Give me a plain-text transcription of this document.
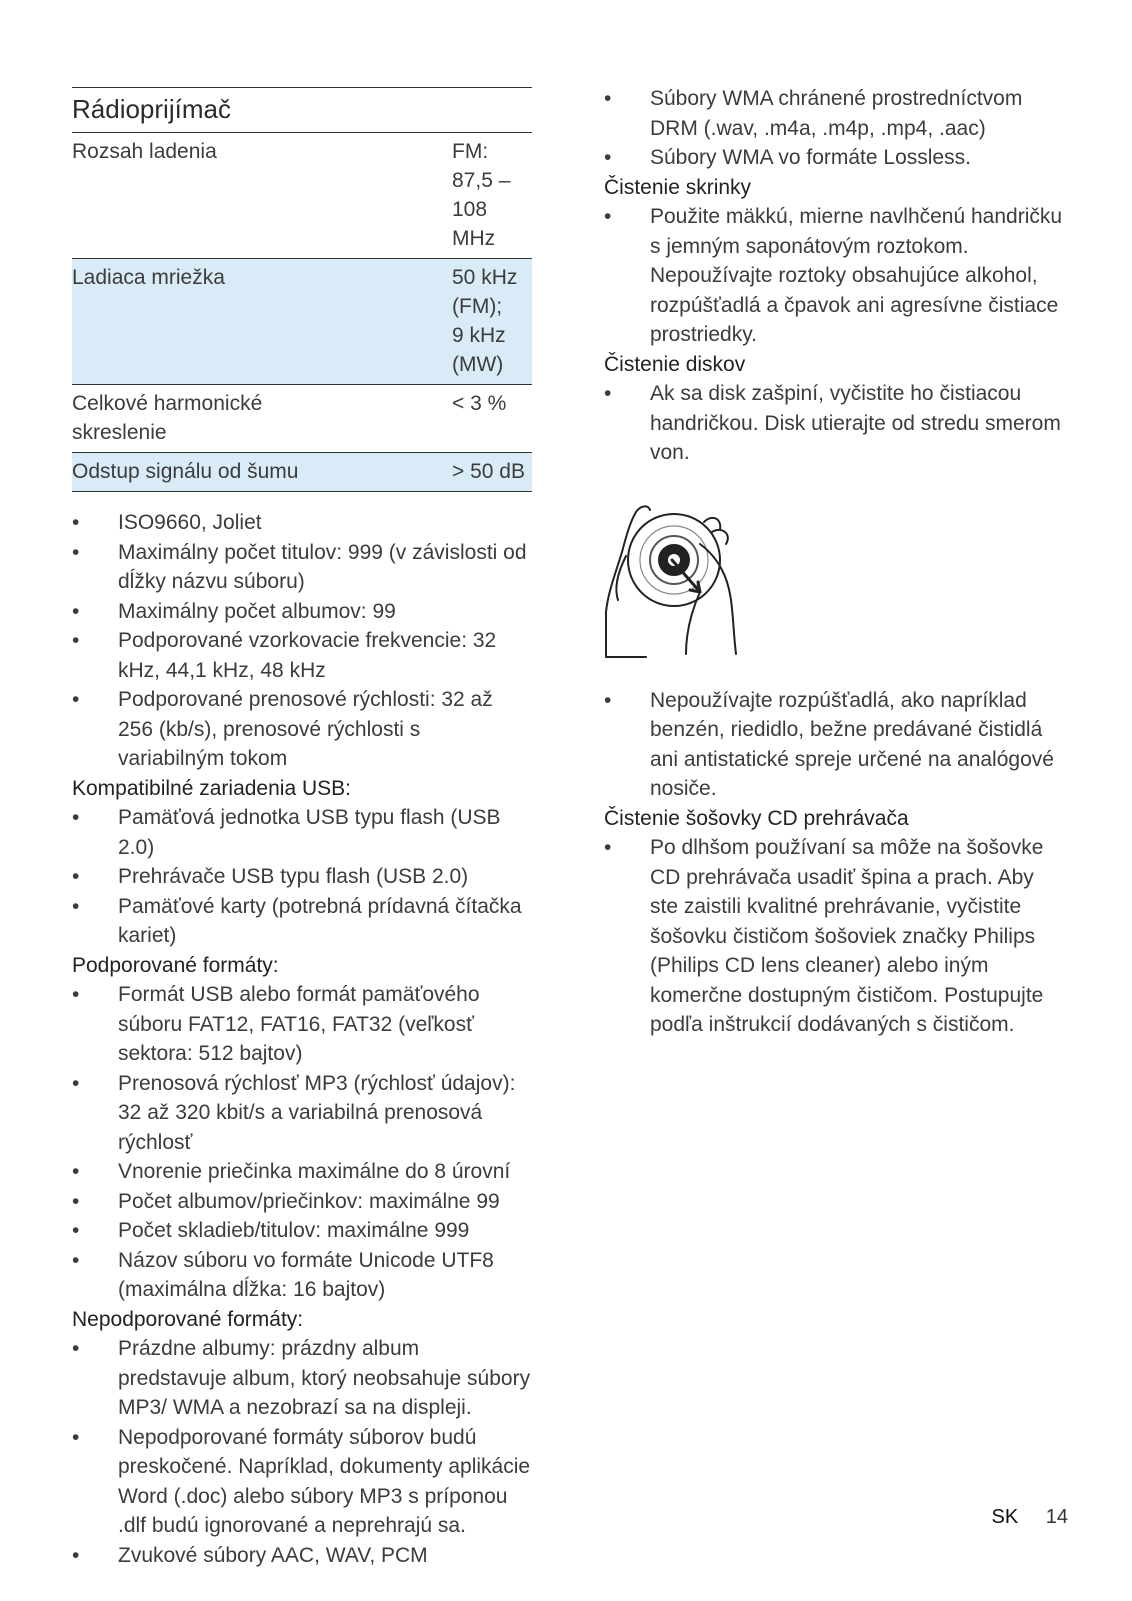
Rádioprijímač
Rozsah ladenia	FM: 87,5 –
108 MHz
Ladiaca mriežka	50 kHz (FM);
9 kHz (MW)
Celkové harmonické skreslenie	< 3 %
Odstup signálu od šumu	> 50 dB
•	ISO9660, Joliet
•	Maximálny počet titulov: 999 (v závislosti od dĺžky názvu súboru)
•	Maximálny počet albumov: 99
•	Podporované vzorkovacie frekvencie: 32 kHz, 44,1 kHz, 48 kHz
•	Podporované prenosové rýchlosti: 32 až 256 (kb/s), prenosové rýchlosti s variabilným tokom
Kompatibilné zariadenia USB:
•	Pamäťová jednotka USB typu flash (USB 2.0)
•	Prehrávače USB typu flash (USB 2.0)
•	Pamäťové karty (potrebná prídavná čítačka kariet)
Podporované formáty:
•	Formát USB alebo formát pamäťového súboru FAT12, FAT16, FAT32 (veľkosť sektora: 512 bajtov)
•	Prenosová rýchlosť MP3 (rýchlosť údajov): 32 až 320 kbit/s a variabilná prenosová rýchlosť
•	Vnorenie priečinka maximálne do 8 úrovní
•	Počet albumov/priečinkov: maximálne 99
•	Počet skladieb/titulov: maximálne 999
•	Názov súboru vo formáte Unicode UTF8 (maximálna dĺžka: 16 bajtov)
Nepodporované formáty:
•	Prázdne albumy: prázdny album predstavuje album, ktorý neobsahuje súbory MP3/ WMA a nezobrazí sa na displeji.
•	Nepodporované formáty súborov budú preskočené. Napríklad, dokumenty aplikácie Word (.doc) alebo súbory MP3 s príponou .dlf budú ignorované a neprehrajú sa.
•	Zvukové súbory AAC, WAV, PCM
•	Súbory WMA chránené prostredníctvom DRM (.wav, .m4a, .m4p, .mp4, .aac)
•	Súbory WMA vo formáte Lossless.
Čistenie skrinky
•	Použite mäkkú, mierne navlhčenú handričku s jemným saponátovým roztokom. Nepoužívajte roztoky obsahujúce alkohol, rozpúšťadlá a čpavok ani agresívne čistiace prostriedky.
Čistenie diskov
•	Ak sa disk zašpiní, vyčistite ho čistiacou handričkou. Disk utierajte od stredu smerom von.
•	Nepoužívajte rozpúšťadlá, ako napríklad benzén, riedidlo, bežne predávané čistidlá ani antistatické spreje určené na analógové nosiče.
Čistenie šošovky CD prehrávača
•	Po dlhšom používaní sa môže na šošovke CD prehrávača usadiť špina a prach. Aby ste zaistili kvalitné prehrávanie, vyčistite šošovku čističom šošoviek značky Philips (Philips CD lens cleaner) alebo iným komerčne dostupným čističom. Postupujte podľa inštrukcií dodávaných s čističom.
SK 14
